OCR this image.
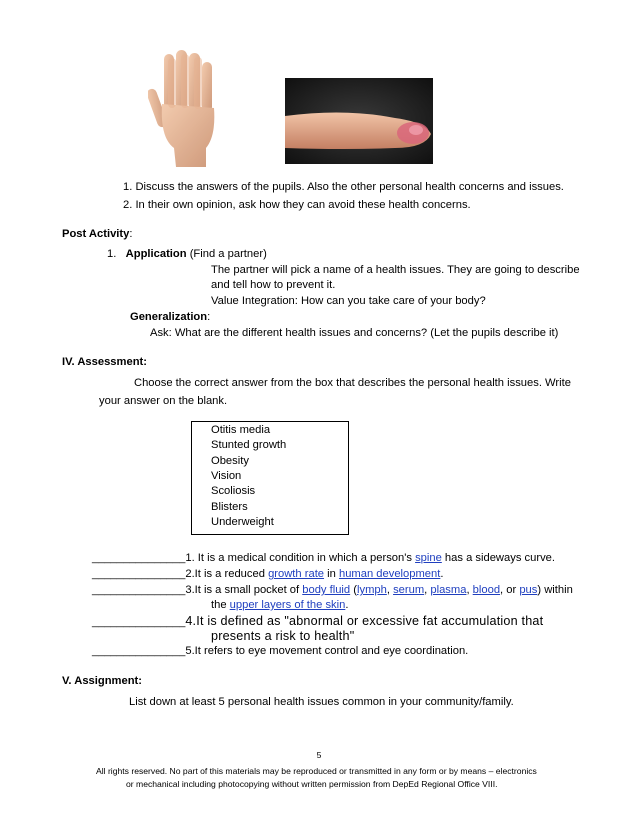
1. Discuss the answers of the pupils. Also the other personal health concerns and issues.
2. In their own opinion, ask how they can avoid these health concerns.
Post Activity:
1. Application (Find a partner)
The partner will pick a name of a health issues. They are going to describe
and tell how to prevent it.
Value Integration: How can you take care of your body?
Generalization:
Ask: What are the different health issues and concerns? (Let the pupils describe it)
IV. Assessment:
Choose the correct answer from the box that describes the personal health issues. Write
your answer on the blank.
Otitis media
Stunted growth
Obesity
Vision
Scoliosis
Blisters
Underweight
_______________1. It is a medical condition in which a person's spine has a sideways curve.
_______________2.It is a reduced growth rate in human development.
_______________3.It is a small pocket of body fluid (lymph, serum, plasma, blood, or pus) within
the upper layers of the skin.
_______________4.It is defined as "abnormal or excessive fat accumulation that
presents a risk to health"
_______________5.It refers to eye movement control and eye coordination.
V. Assignment:
List down at least 5 personal health issues common in your community/family.
5
All rights reserved. No part of this materials may be reproduced or transmitted in any form or by means – electronics
or mechanical including photocopying without written permission from DepEd Regional Office VIII.
